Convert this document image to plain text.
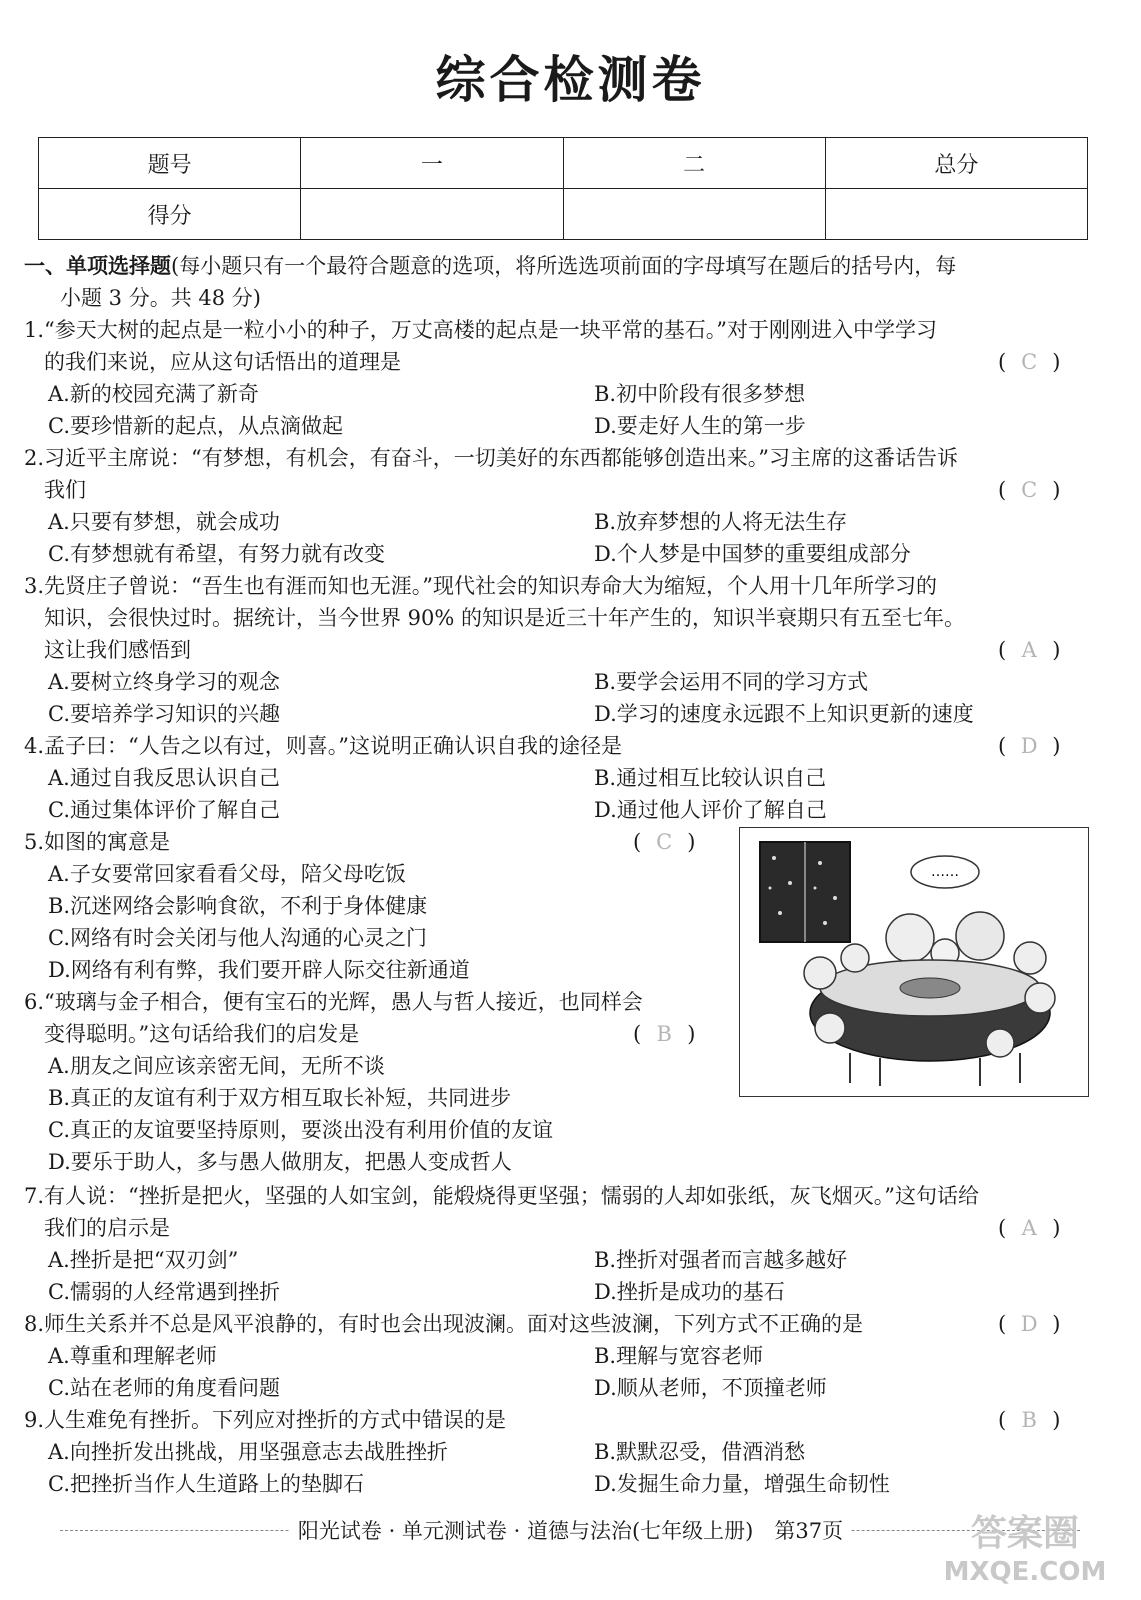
综合检测卷
题号	一	二	总分
得分			
一、单项选择题(每小题只有一个最符合题意的选项，将所选选项前面的字母填写在题后的括号内，每
小题 3 分。共 48 分)
1.“参天大树的起点是一粒小小的种子，万丈高楼的起点是一块平常的基石。”对于刚刚进入中学学习
的我们来说，应从这句话悟出的道理是	( C )
A.新的校园充满了新奇	B.初中阶段有很多梦想
C.要珍惜新的起点，从点滴做起	D.要走好人生的第一步
2.习近平主席说：“有梦想，有机会，有奋斗，一切美好的东西都能够创造出来。”习主席的这番话告诉
我们	( C )
A.只要有梦想，就会成功	B.放弃梦想的人将无法生存
C.有梦想就有希望，有努力就有改变	D.个人梦是中国梦的重要组成部分
3.先贤庄子曾说：“吾生也有涯而知也无涯。”现代社会的知识寿命大为缩短，个人用十几年所学习的
知识，会很快过时。据统计，当今世界 90% 的知识是近三十年产生的，知识半衰期只有五至七年。
这让我们感悟到	( A )
A.要树立终身学习的观念	B.要学会运用不同的学习方式
C.要培养学习知识的兴趣	D.学习的速度永远跟不上知识更新的速度
4.孟子曰：“人告之以有过，则喜。”这说明正确认识自我的途径是	( D )
A.通过自我反思认识自己	B.通过相互比较认识自己
C.通过集体评价了解自己	D.通过他人评价了解自己
5.如图的寓意是	( C )
A.子女要常回家看看父母，陪父母吃饭
B.沉迷网络会影响食欲，不利于身体健康
C.网络有时会关闭与他人沟通的心灵之门
D.网络有利有弊，我们要开辟人际交往新通道
……
6.“玻璃与金子相合，便有宝石的光辉，愚人与哲人接近，也同样会
变得聪明。”这句话给我们的启发是	( B )
A.朋友之间应该亲密无间，无所不谈
B.真正的友谊有利于双方相互取长补短，共同进步
C.真正的友谊要坚持原则，要淡出没有利用价值的友谊
D.要乐于助人，多与愚人做朋友，把愚人变成哲人
7.有人说：“挫折是把火，坚强的人如宝剑，能煅烧得更坚强；懦弱的人却如张纸，灰飞烟灭。”这句话给
我们的启示是	( A )
A.挫折是把“双刃剑”	B.挫折对强者而言越多越好
C.懦弱的人经常遇到挫折	D.挫折是成功的基石
8.师生关系并不总是风平浪静的，有时也会出现波澜。面对这些波澜，下列方式不正确的是	( D )
A.尊重和理解老师	B.理解与宽容老师
C.站在老师的角度看问题	D.顺从老师，不顶撞老师
9.人生难免有挫折。下列应对挫折的方式中错误的是	( B )
A.向挫折发出挑战，用坚强意志去战胜挫折	B.默默忍受，借酒消愁
C.把挫折当作人生道路上的垫脚石	D.发掘生命力量，增强生命韧性
阳光试卷 · 单元测试卷 · 道德与法治(七年级上册)　第37页	答案圈
MXQE.COM
